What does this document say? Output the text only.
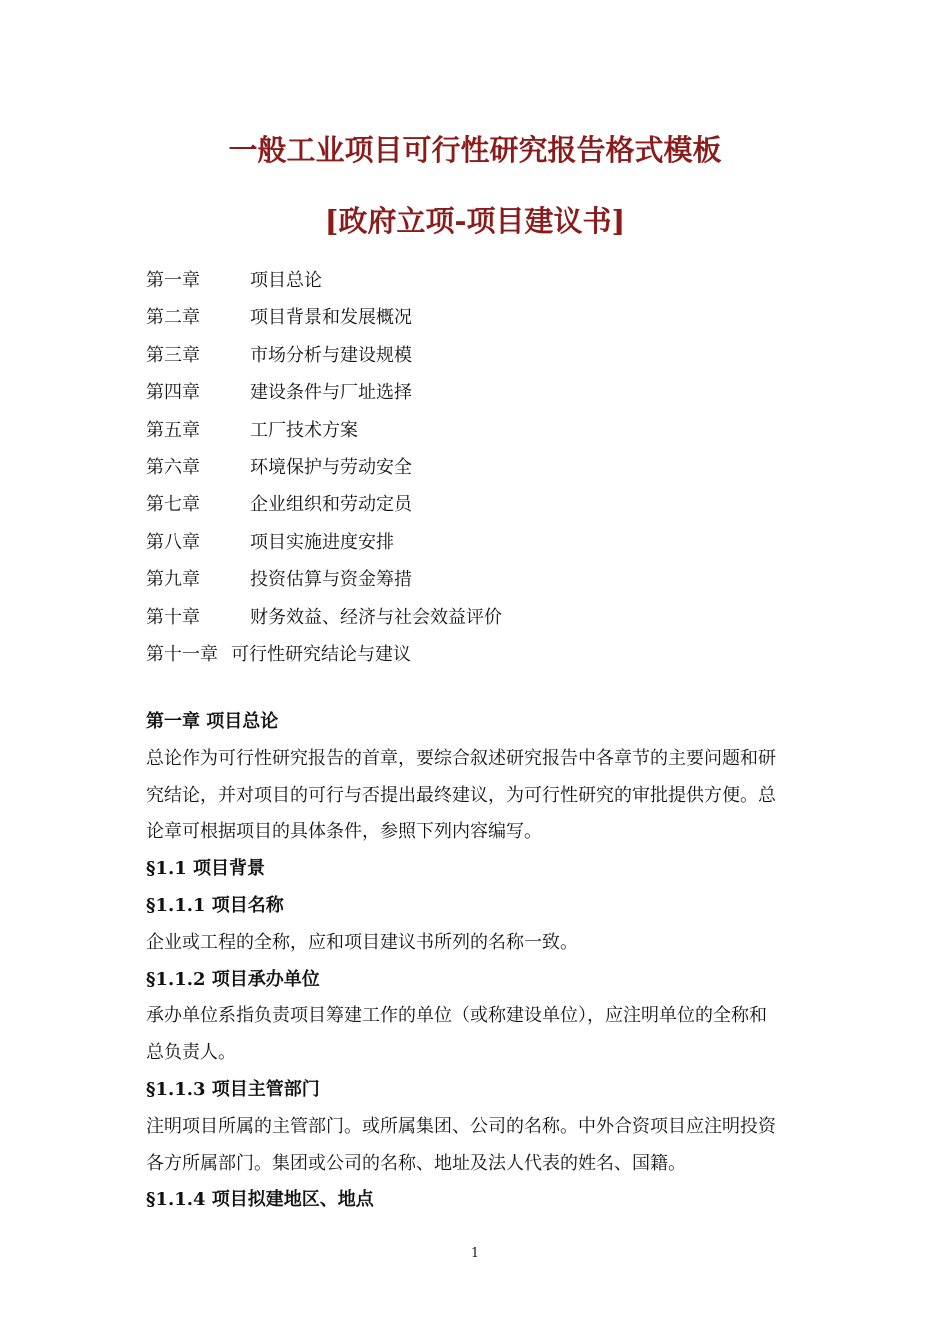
一般工业项目可行性研究报告格式模板
[政府立项-项目建议书]
第一章	项目总论
第二章	项目背景和发展概况
第三章	市场分析与建设规模
第四章	建设条件与厂址选择
第五章	工厂技术方案
第六章	环境保护与劳动安全
第七章	企业组织和劳动定员
第八章	项目实施进度安排
第九章	投资估算与资金筹措
第十章	财务效益、经济与社会效益评价
第十一章 可行性研究结论与建议
第一章 项目总论
总论作为可行性研究报告的首章，要综合叙述研究报告中各章节的主要问题和研
究结论，并对项目的可行与否提出最终建议，为可行性研究的审批提供方便。总
论章可根据项目的具体条件，参照下列内容编写。
§1.1 项目背景
§1.1.1 项目名称
企业或工程的全称，应和项目建议书所列的名称一致。
§1.1.2 项目承办单位
承办单位系指负责项目筹建工作的单位（或称建设单位），应注明单位的全称和
总负责人。
§1.1.3 项目主管部门
注明项目所属的主管部门。或所属集团、公司的名称。中外合资项目应注明投资
各方所属部门。集团或公司的名称、地址及法人代表的姓名、国籍。
§1.1.4 项目拟建地区、地点
1
